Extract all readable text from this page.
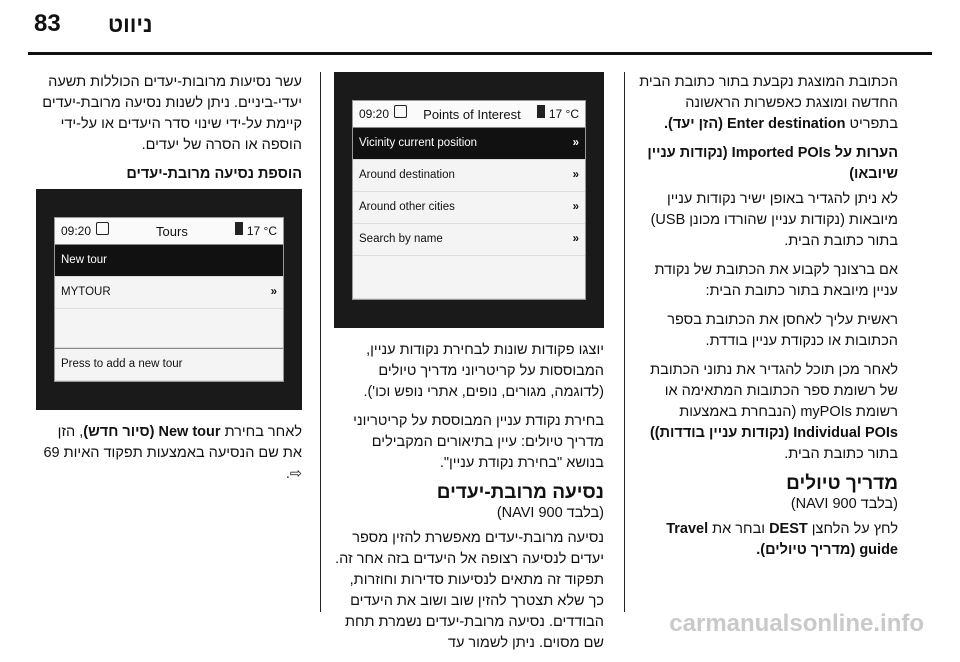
83 ניווט

הכתובת המוצגת נקבעת בתור כתובת הבית החדשה ומוצגת כאפשרות הראשונה בתפריט Enter destination (הזן יעד).

הערות על Imported POIs (נקודות עניין שיובאו)

לא ניתן להגדיר באופן ישיר נקודות עניין מיובאות (נקודות עניין שהורדו מכונן USB) בתור כתובת הבית.

אם ברצונך לקבוע את הכתובת של נקודת עניין מיובאת בתור כתובת הבית:

ראשית עליך לאחסן את הכתובת בספר הכתובות או כנקודת עניין בודדת.

לאחר מכן תוכל להגדיר את נתוני הכתובת של רשומת ספר הכתובות המתאימה או רשומת myPOIs (הנבחרת באמצעות Individual POIs (נקודות עניין בודדות)) בתור כתובת הבית.

מדריך טיולים

(בלבד NAVI 900)

לחץ על הלחצן DEST ובחר את Travel guide (מדריך טיולים).

09:20	Points of Interest	17 °C
Vicinity current position	»
Around destination	»
Around other cities	»
Search by name	»

יוצגו פקודות שונות לבחירת נקודות עניין, המבוססות על קריטריוני מדריך טיולים (לדוגמה, מגורים, נופים, אתרי נופש וכו').

בחירת נקודת עניין המבוססת על קריטריוני מדריך טיולים: עיין בתיאורים המקבילים בנושא "בחירת נקודת עניין".

נסיעה מרובת-יעדים

(בלבד NAVI 900)

נסיעה מרובת-יעדים מאפשרת להזין מספר יעדים לנסיעה רצופה אל היעדים בזה אחר זה. תפקוד זה מתאים לנסיעות סדירות וחוזרות, כך שלא תצטרך להזין שוב ושוב את היעדים הבודדים. נסיעה מרובת-יעדים נשמרת תחת שם מסוים. ניתן לשמור עד

עשר נסיעות מרובות-יעדים הכוללות תשעה יעדי-ביניים. ניתן לשנות נסיעה מרובת-יעדים קיימת על-ידי שינוי סדר היעדים או על-ידי הוספה או הסרה של יעדים.

הוספת נסיעה מרובת-יעדים
09:20	Tours	17 °C
New tour
MYTOUR	»
Press to add a new tour

לאחר בחירת New tour (סיור חדש), הזן את שם הנסיעה באמצעות תפקוד האיות 69 ⇨.

carmanualsonline.info
